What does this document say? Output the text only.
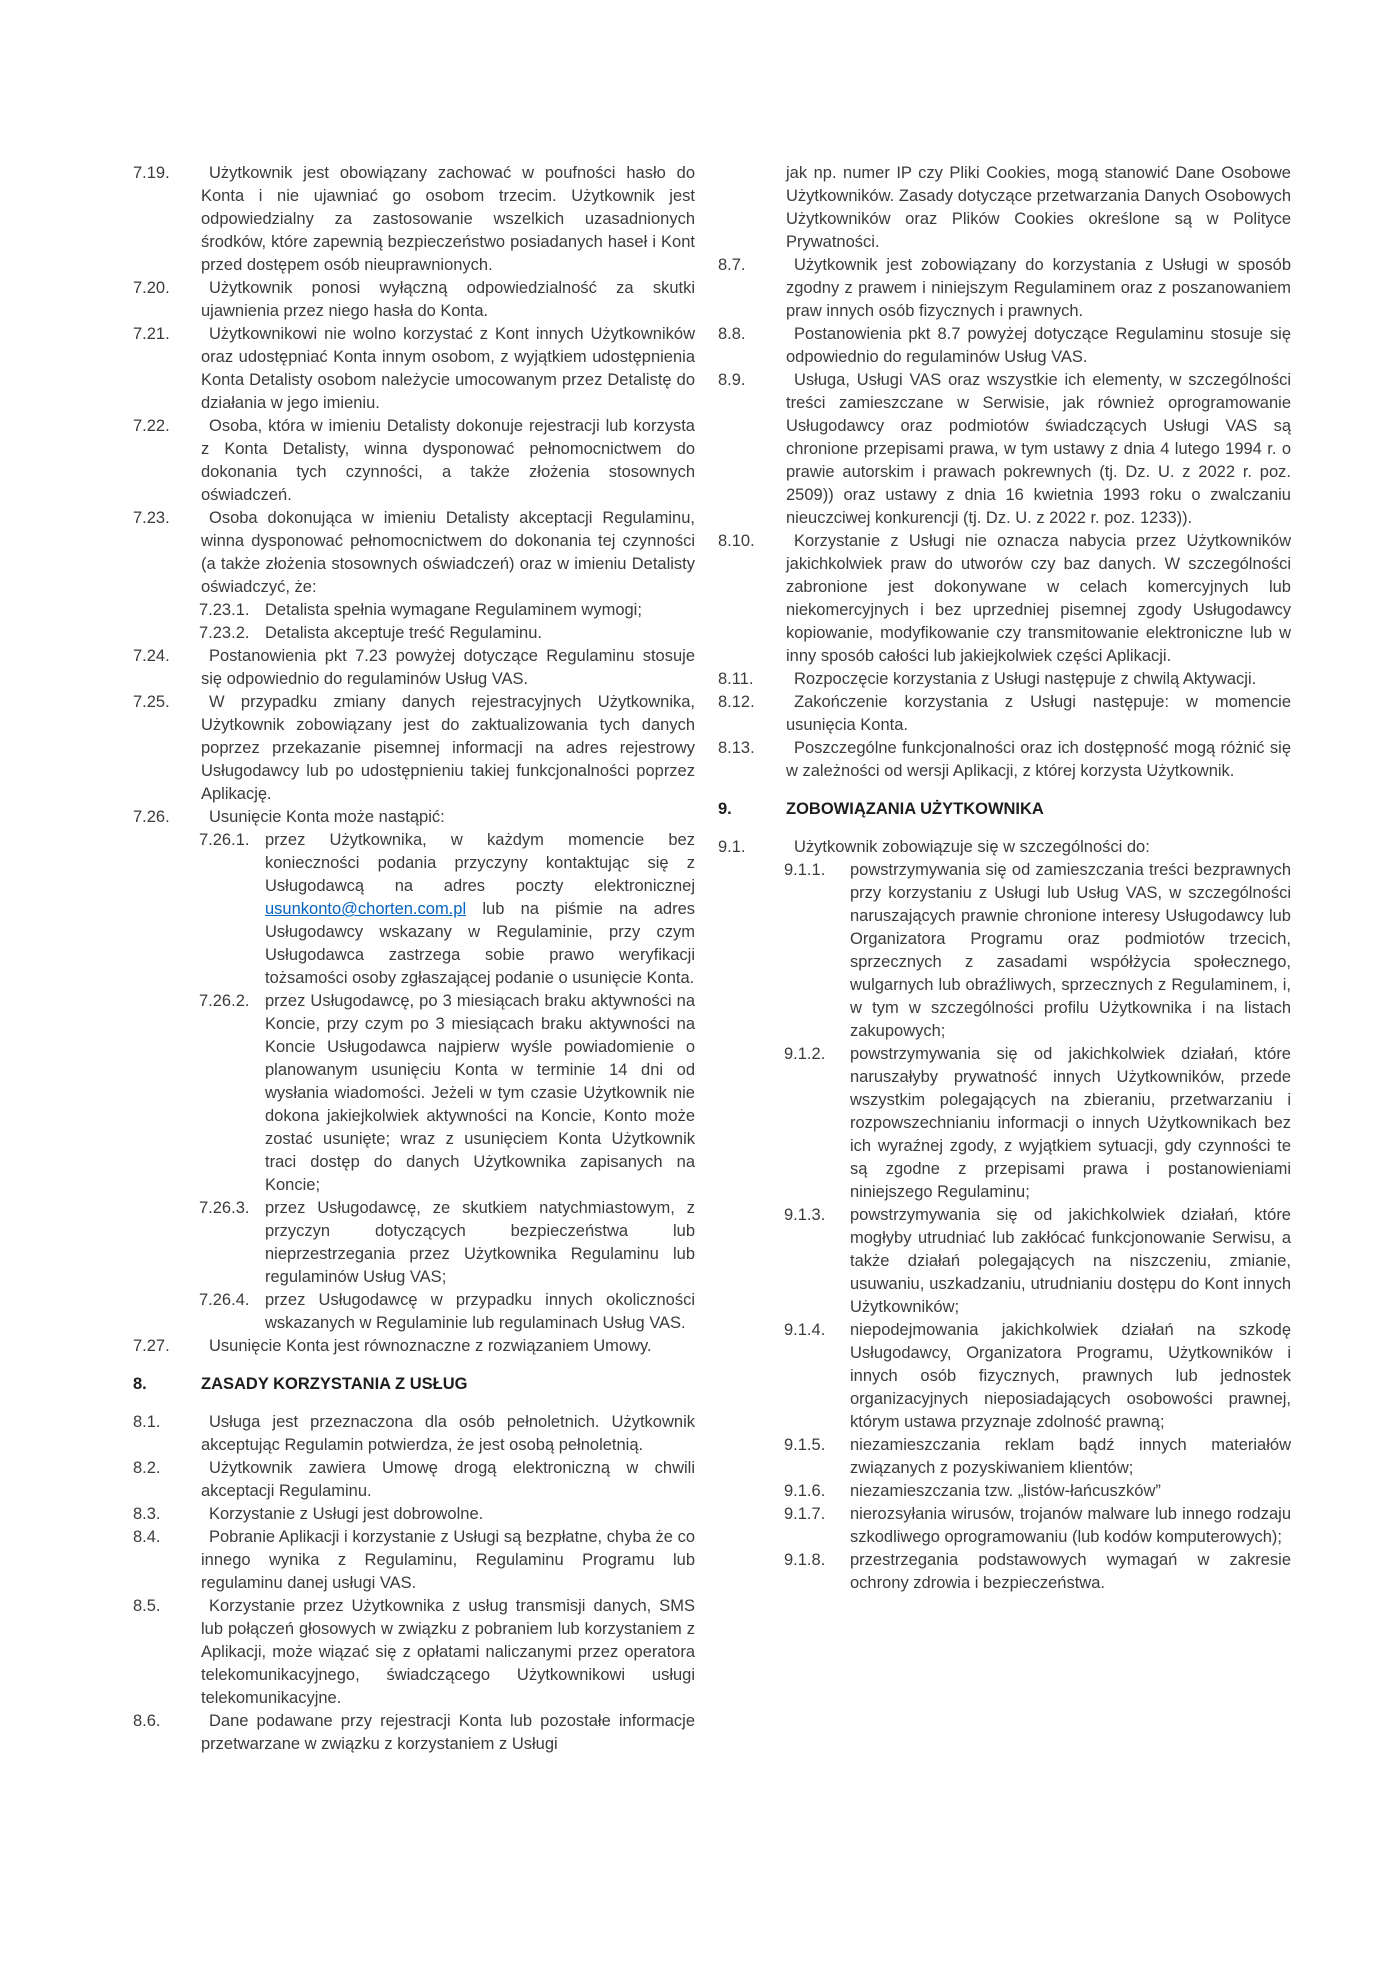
7.19.	Użytkownik jest obowiązany zachować w poufności hasło do Konta i nie ujawniać go osobom trzecim. Użytkownik jest odpowiedzialny za zastosowanie wszelkich uzasadnionych środków, które zapewnią bezpieczeństwo posiadanych haseł i Kont przed dostępem osób nieuprawnionych.
7.20.	Użytkownik ponosi wyłączną odpowiedzialność za skutki ujawnienia przez niego hasła do Konta.
7.21.	Użytkownikowi nie wolno korzystać z Kont innych Użytkowników oraz udostępniać Konta innym osobom, z wyjątkiem udostępnienia Konta Detalisty osobom należycie umocowanym przez Detalistę do działania w jego imieniu.
7.22.	Osoba, która w imieniu Detalisty dokonuje rejestracji lub korzysta z Konta Detalisty, winna dysponować pełnomocnictwem do dokonania tych czynności, a także złożenia stosownych oświadczeń.
7.23.	Osoba dokonująca w imieniu Detalisty akceptacji Regulaminu, winna dysponować pełnomocnictwem do dokonania tej czynności (a także złożenia stosownych oświadczeń) oraz w imieniu Detalisty oświadczyć, że:
7.23.1. Detalista spełnia wymagane Regulaminem wymogi;
7.23.2. Detalista akceptuje treść Regulaminu.
7.24.	Postanowienia pkt 7.23 powyżej dotyczące Regulaminu stosuje się odpowiednio do regulaminów Usług VAS.
7.25.	W przypadku zmiany danych rejestracyjnych Użytkownika, Użytkownik zobowiązany jest do zaktualizowania tych danych poprzez przekazanie pisemnej informacji na adres rejestrowy Usługodawcy lub po udostępnieniu takiej funkcjonalności poprzez Aplikację.
7.26.	Usunięcie Konta może nastąpić:
7.26.1. przez Użytkownika, w każdym momencie bez konieczności podania przyczyny kontaktując się z Usługodawcą na adres poczty elektronicznej usunkonto@chorten.com.pl lub na piśmie na adres Usługodawcy wskazany w Regulaminie, przy czym Usługodawca zastrzega sobie prawo weryfikacji tożsamości osoby zgłaszającej podanie o usunięcie Konta.
7.26.2. przez Usługodawcę, po 3 miesiącach braku aktywności na Koncie, przy czym po 3 miesiącach braku aktywności na Koncie Usługodawca najpierw wyśle powiadomienie o planowanym usunięciu Konta w terminie 14 dni od wysłania wiadomości. Jeżeli w tym czasie Użytkownik nie dokona jakiejkolwiek aktywności na Koncie, Konto może zostać usunięte; wraz z usunięciem Konta Użytkownik traci dostęp do danych Użytkownika zapisanych na Koncie;
7.26.3. przez Usługodawcę, ze skutkiem natychmiastowym, z przyczyn dotyczących bezpieczeństwa lub nieprzestrzegania przez Użytkownika Regulaminu lub regulaminów Usług VAS;
7.26.4. przez Usługodawcę w przypadku innych okoliczności wskazanych w Regulaminie lub regulaminach Usług VAS.
7.27.	Usunięcie Konta jest równoznaczne z rozwiązaniem Umowy.
8.	ZASADY KORZYSTANIA Z USŁUG
8.1.	Usługa jest przeznaczona dla osób pełnoletnich. Użytkownik akceptując Regulamin potwierdza, że jest osobą pełnoletnią.
8.2.	Użytkownik zawiera Umowę drogą elektroniczną w chwili akceptacji Regulaminu.
8.3.	Korzystanie z Usługi jest dobrowolne.
8.4.	Pobranie Aplikacji i korzystanie z Usługi są bezpłatne, chyba że co innego wynika z Regulaminu, Regulaminu Programu lub regulaminu danej usługi VAS.
8.5.	Korzystanie przez Użytkownika z usług transmisji danych, SMS lub połączeń głosowych w związku z pobraniem lub korzystaniem z Aplikacji, może wiązać się z opłatami naliczanymi przez operatora telekomunikacyjnego, świadczącego Użytkownikowi usługi telekomunikacyjne.
8.6.	Dane podawane przy rejestracji Konta lub pozostałe informacje przetwarzane w związku z korzystaniem z Usługi
jak np. numer IP czy Pliki Cookies, mogą stanowić Dane Osobowe Użytkowników. Zasady dotyczące przetwarzania Danych Osobowych Użytkowników oraz Plików Cookies określone są w Polityce Prywatności.
8.7.	Użytkownik jest zobowiązany do korzystania z Usługi w sposób zgodny z prawem i niniejszym Regulaminem oraz z poszanowaniem praw innych osób fizycznych i prawnych.
8.8.	Postanowienia pkt 8.7 powyżej dotyczące Regulaminu stosuje się odpowiednio do regulaminów Usług VAS.
8.9.	Usługa, Usługi VAS oraz wszystkie ich elementy, w szczególności treści zamieszczane w Serwisie, jak również oprogramowanie Usługodawcy oraz podmiotów świadczących Usługi VAS są chronione przepisami prawa, w tym ustawy z dnia 4 lutego 1994 r. o prawie autorskim i prawach pokrewnych (tj. Dz. U. z 2022 r. poz. 2509)) oraz ustawy z dnia 16 kwietnia 1993 roku o zwalczaniu nieuczciwej konkurencji (tj. Dz. U. z 2022 r. poz. 1233)).
8.10.	Korzystanie z Usługi nie oznacza nabycia przez Użytkowników jakichkolwiek praw do utworów czy baz danych. W szczególności zabronione jest dokonywane w celach komercyjnych lub niekomercyjnych i bez uprzedniej pisemnej zgody Usługodawcy kopiowanie, modyfikowanie czy transmitowanie elektroniczne lub w inny sposób całości lub jakiejkolwiek części Aplikacji.
8.11.	Rozpoczęcie korzystania z Usługi następuje z chwilą Aktywacji.
8.12.	Zakończenie korzystania z Usługi następuje: w momencie usunięcia Konta.
8.13.	Poszczególne funkcjonalności oraz ich dostępność mogą różnić się w zależności od wersji Aplikacji, z której korzysta Użytkownik.
9.	ZOBOWIĄZANIA UŻYTKOWNIKA
9.1.	Użytkownik zobowiązuje się w szczególności do:
9.1.1.	powstrzymywania się od zamieszczania treści bezprawnych przy korzystaniu z Usługi lub Usług VAS, w szczególności naruszających prawnie chronione interesy Usługodawcy lub Organizatora Programu oraz podmiotów trzecich, sprzecznych z zasadami współżycia społecznego, wulgarnych lub obraźliwych, sprzecznych z Regulaminem, i, w tym w szczególności profilu Użytkownika i na listach zakupowych;
9.1.2.	powstrzymywania się od jakichkolwiek działań, które naruszałyby prywatność innych Użytkowników, przede wszystkim polegających na zbieraniu, przetwarzaniu i rozpowszechnianiu informacji o innych Użytkownikach bez ich wyraźnej zgody, z wyjątkiem sytuacji, gdy czynności te są zgodne z przepisami prawa i postanowieniami niniejszego Regulaminu;
9.1.3.	powstrzymywania się od jakichkolwiek działań, które mogłyby utrudniać lub zakłócać funkcjonowanie Serwisu, a także działań polegających na niszczeniu, zmianie, usuwaniu, uszkadzaniu, utrudnianiu dostępu do Kont innych Użytkowników;
9.1.4.	niepodejmowania jakichkolwiek działań na szkodę Usługodawcy, Organizatora Programu, Użytkowników i innych osób fizycznych, prawnych lub jednostek organizacyjnych nieposiadających osobowości prawnej, którym ustawa przyznaje zdolność prawną;
9.1.5.	niezamieszczania reklam bądź innych materiałów związanych z pozyskiwaniem klientów;
9.1.6.	niezamieszczania tzw. „listów-łańcuszków”
9.1.7.	nierozsyłania wirusów, trojanów malware lub innego rodzaju szkodliwego oprogramowaniu (lub kodów komputerowych);
9.1.8.	przestrzegania podstawowych wymagań w zakresie ochrony zdrowia i bezpieczeństwa.
